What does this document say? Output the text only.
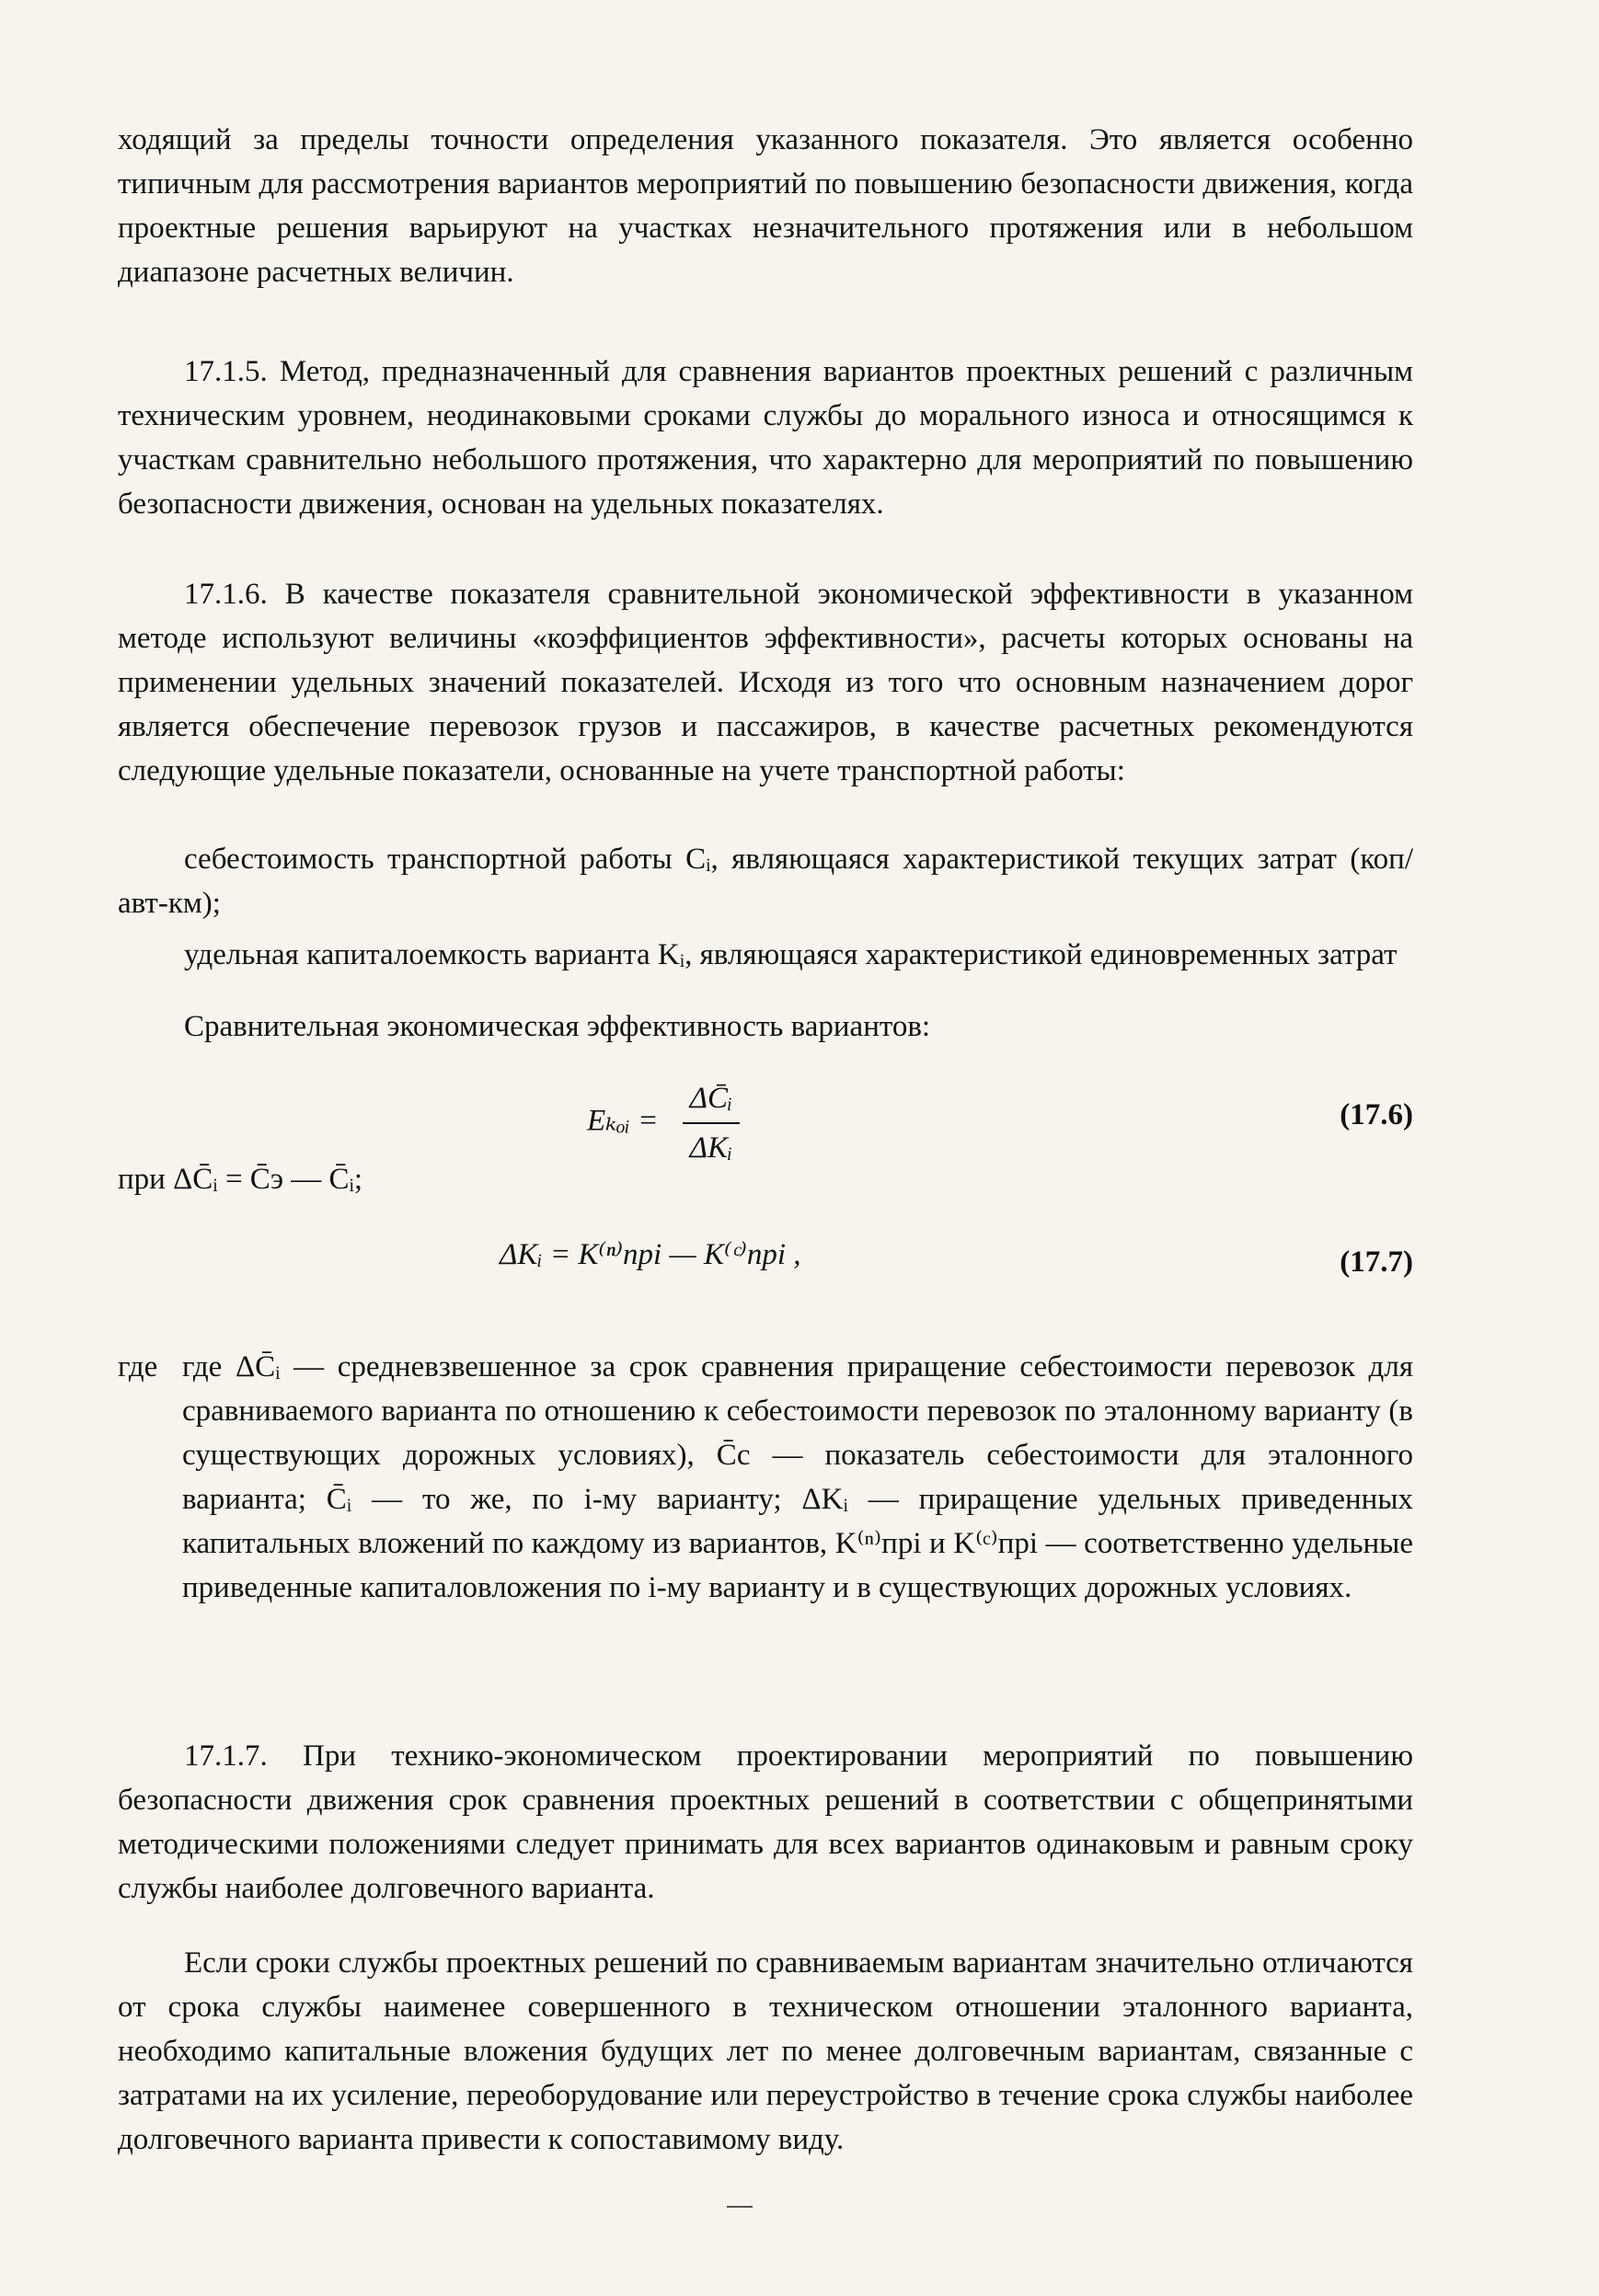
ходящий за пределы точности определения указанного показателя. Это является особенно типичным для рассмотрения вариантов мероприятий по повышению безопасности движения, когда проектные решения варьируют на участках незначительного протяжения или в небольшом диапазоне расчетных величин.

17.1.5. Метод, предназначенный для сравнения вариантов проектных решений с различным техническим уровнем, неодинаковыми сроками службы до морального износа и относящимся к участкам сравнительно небольшого протяжения, что характерно для мероприятий по повышению безопасности движения, основан на удельных показателях.

17.1.6. В качестве показателя сравнительной экономической эффективности в указанном методе используют величины «коэффициентов эффективности», расчеты которых основаны на применении удельных значений показателей. Исходя из того что основным назначением дорог является обеспечение перевозок грузов и пассажиров, в качестве расчетных рекомендуются следующие удельные показатели, основанные на учете транспортной работы:

себестоимость транспортной работы Cᵢ, являющаяся характеристикой текущих затрат (коп/авт-км);

удельная капиталоемкость варианта Kᵢ, являющаяся характеристикой единовременных затрат

Сравнительная экономическая эффективность вариантов:

Eₖₒᵢ = $\frac{\text{ΔC̄ᵢ}}{\text{ΔKᵢ}}$	(17.6)

при ΔC̄ᵢ = C̄э — C̄ᵢ;

ΔKᵢ = K⁽ⁿ⁾прi — K⁽ᶜ⁾прi ,	(17.7)
где где ΔC̄ᵢ — средневзвешенное за срок сравнения приращение себестоимости перевозок для сравниваемого варианта по отношению к себестоимости перевозок по эталонному варианту (в существующих дорожных условиях), C̄с — показатель себестоимости для эталонного варианта; C̄ᵢ — то же, по i-му варианту; ΔKᵢ — приращение удельных приведенных капитальных вложений по каждому из вариантов, K⁽ⁿ⁾прi и K⁽ᶜ⁾прi — соответственно удельные приведенные капиталовложения по i-му варианту и в существующих дорожных условиях.

17.1.7. При технико-экономическом проектировании мероприятий по повышению безопасности движения срок сравнения проектных решений в соответствии с общепринятыми методическими положениями следует принимать для всех вариантов одинаковым и равным сроку службы наиболее долговечного варианта.

Если сроки службы проектных решений по сравниваемым вариантам значительно отличаются от срока службы наименее совершенного в техническом отношении эталонного варианта, необходимо капитальные вложения будущих лет по менее долговечным вариантам, связанные с затратами на их усиление, переоборудование или переустройство в течение срока службы наиболее долговечного варианта привести к сопоставимому виду.
